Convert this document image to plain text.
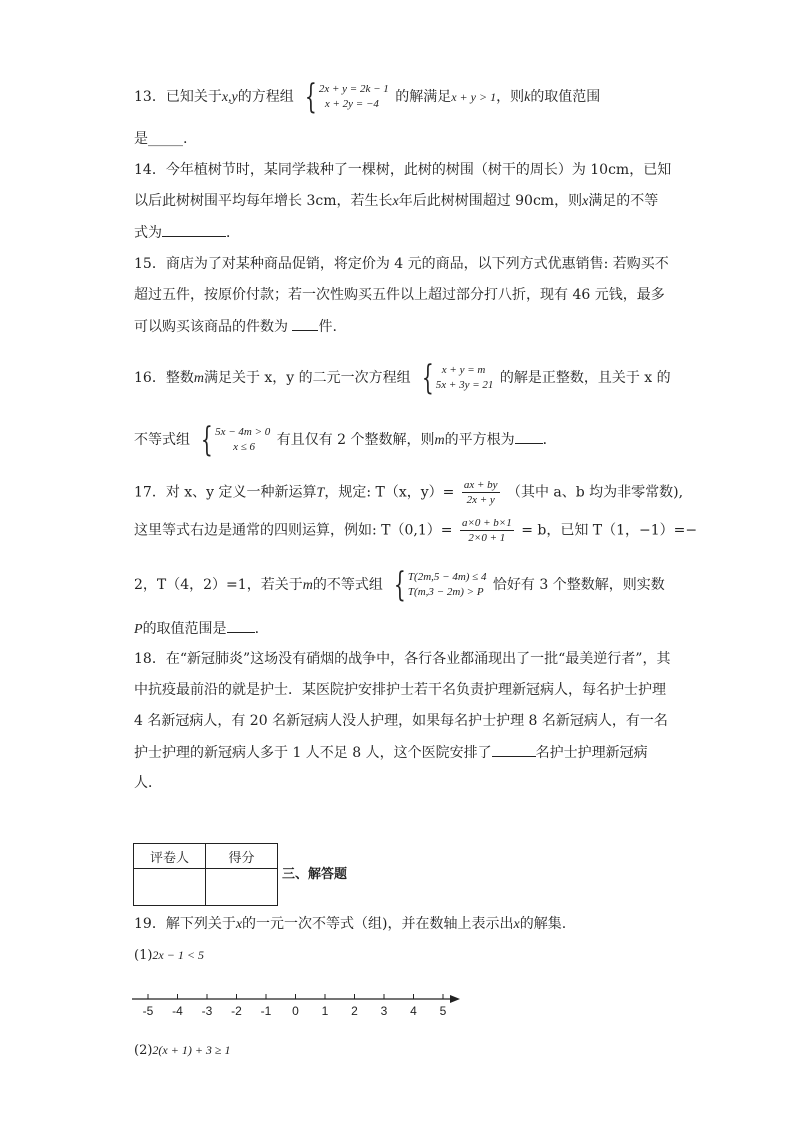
13．已知关于x,y的方程组 { 2x + y = 2k − 1
x + 2y = −4	的解满足x + y > 1，则k的取值范围
是_____.
14．今年植树节时，某同学栽种了一棵树，此树的树围（树干的周长）为 10cm，已知
以后此树树围平均每年增长 3cm，若生长x年后此树树围超过 90cm，则x满足的不等
式为	．
15．商店为了对某种商品促销，将定价为 4 元的商品，以下列方式优惠销售: 若购买不
超过五件，按原价付款；若一次性购买五件以上超过部分打八折，现有 46 元钱，最多
可以购买该商品的件数为 件.
16．整数m满足关于 x，y 的二元一次方程组 { x + y = m
5x + 3y = 21 的解是正整数，且关于 x 的
不等式组 { 5x − 4m > 0
x ≤ 6	有且仅有 2 个整数解，则m的平方根为 ．
17．对 x、y 定义一种新运算T，规定: T（x，$y)= \frac{ax + by}{2x + y}$ （其中 a、b 均为非零常数),
这里等式右边是通常的四则运算，例如: $T(0,1)= \frac{a\times 0 + b\times 1}{2\times 0 + 1} = b$，已知 T（1，−1）=−
2，T（4，2）=1，若关于m的不等式组 { T(2m,5 − 4m) ≤ 4
T(m,3 − 2m) > P 恰好有 3 个整数解，则实数
P的取值范围是 .
18．在“新冠肺炎”这场没有硝烟的战争中，各行各业都涌现出了一批“最美逆行者”，其
中抗疫最前沿的就是护士．某医院护安排护士若干名负责护理新冠病人，每名护士护理
4 名新冠病人，有 20 名新冠病人没人护理，如果每名护士护理 8 名新冠病人，有一名
护士护理的新冠病人多于 1 人不足 8 人，这个医院安排了	名护士护理新冠病
人．
评卷人	得分

三、解答题
19．解下列关于x的一元一次不等式（组)，并在数轴上表示出x的解集.
(1)2x − 1 < 5
-5 -4 -3 -2 -1 0 1 2 3 4 5
(2)2(x + 1) + 3 ≥ 1
